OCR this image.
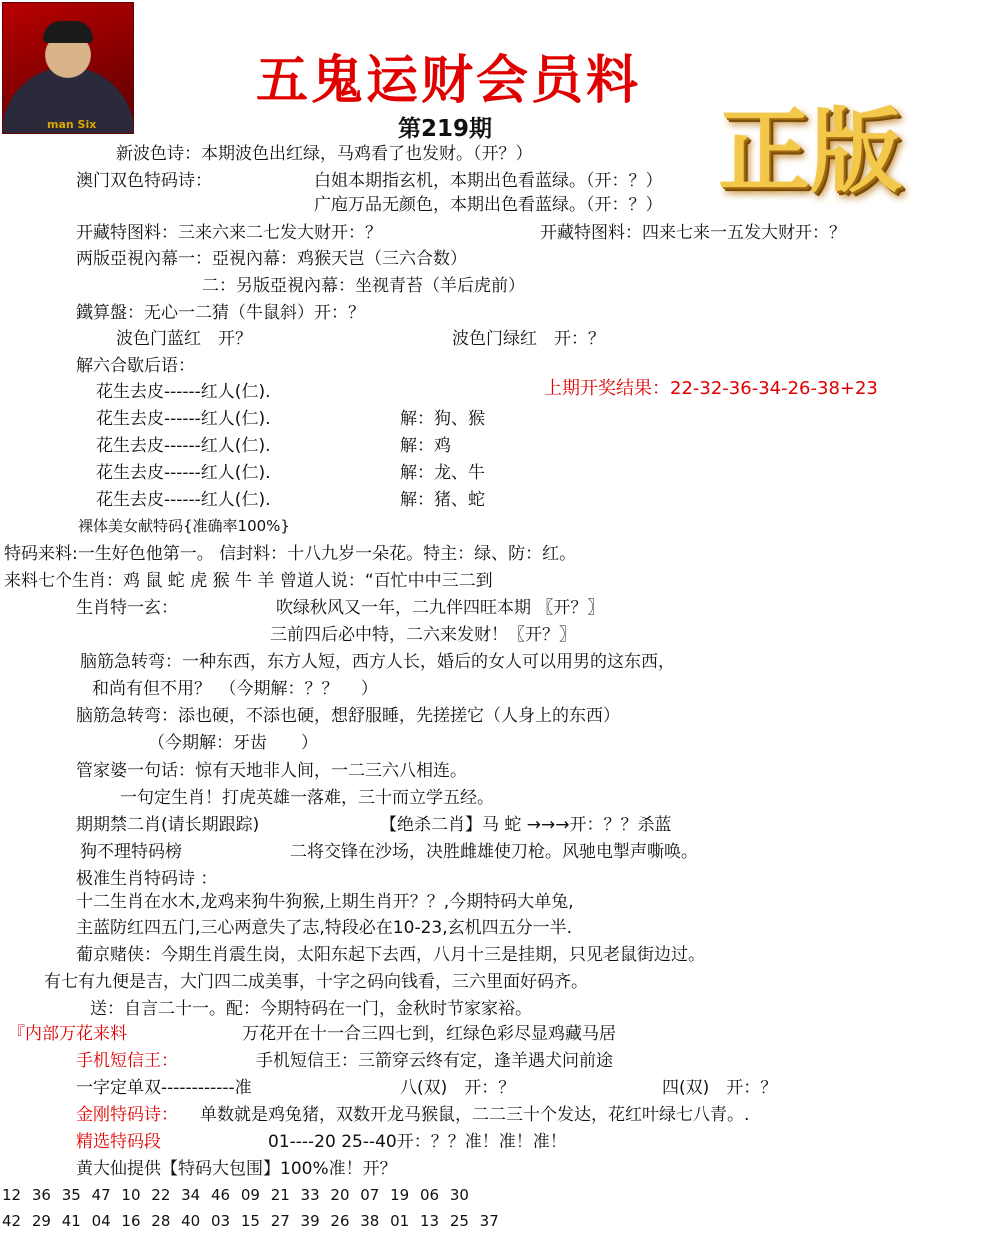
man Six
五鬼运财会员料
第219期 正版
新波色诗：本期波色出红绿，马鸡看了也发财。（开？）
澳门双色特码诗：	白姐本期指玄机，本期出色看蓝绿。（开：？）
广庖万品无颜色，本期出色看蓝绿。（开：？）
开藏特图料：三来六来二七发大财开：？	开藏特图料：四来七来一五发大财开：？
两版亞視內幕一：亞視內幕：鸡猴天岂（三六合数）
二：另版亞視內幕：坐视青苔（羊后虎前）
鐵算盤：无心一二猜（牛鼠斜）开：？
波色门蓝红　开？	波色门绿红　开：？
解六合歇后语：
花生去皮------红人(仁).	上期开奖结果：22-32-36-34-26-38+23
花生去皮------红人(仁).	解：狗、猴
花生去皮------红人(仁).	解：鸡
花生去皮------红人(仁).	解：龙、牛
花生去皮------红人(仁).	解：猪、蛇
裸体美女献特码{准确率100%}
特码来料:一生好色他第一。 信封料：十八九岁一朵花。特主：绿、防：红。
来料七个生肖：鸡 鼠 蛇 虎 猴 牛 羊 曾道人说：“百忙中中三二到
生肖特一玄：	吹绿秋风又一年，二九伴四旺本期 〖开？〗
三前四后必中特，二六来发财！〖开？〗
脑筋急转弯：一种东西，东方人短，西方人长，婚后的女人可以用男的这东西，
和尚有但不用？　（今期解：？？　 ）
脑筋急转弯：添也硬，不添也硬，想舒服睡，先搓搓它（人身上的东西）
（今期解：牙齿　　）
管家婆一句话：惊有天地非人间，一二三六八相连。
一句定生肖！打虎英雄一落难，三十而立学五经。
期期禁二肖(请长期跟踪)	【绝杀二肖】马 蛇 →→→开：？？杀蓝
狗不理特码榜	二将交锋在沙场，决胜雌雄使刀枪。风驰电掣声嘶唤。
极准生肖特码诗 ：
十二生肖在水木,龙鸡来狗牛狗猴,上期生肖开？？,今期特码大单兔,
主蓝防红四五门,三心两意失了志,特段必在10-23,玄机四五分一半.
葡京赌侠：今期生肖震生岗，太阳东起下去西，八月十三是挂期，只见老鼠街边过。
有七有九便是吉，大门四二成美事，十字之码向钱看，三六里面好码齐。
送：自言二十一。配：今期特码在一门，金秋时节家家裕。
『内部万花来料	万花开在十一合三四七到，红绿色彩尽显鸡藏马居
手机短信王：	手机短信王：三箭穿云终有定，逢羊遇犬问前途
一字定单双------------准	八(双)　开：？	四(双)　开：？
金刚特码诗： 单数就是鸡兔猪，双数开龙马猴鼠，二二三十个发达，花红叶绿七八青。.
精选特码段	01----20 25--40开：？？准！准！准！
黄大仙提供【特码大包围】100%准！开？
12 36 35 47 10 22 34 46 09 21 33 20 07 19 06 30
42 29 41 04 16 28 40 03 15 27 39 26 38 01 13 25 37
